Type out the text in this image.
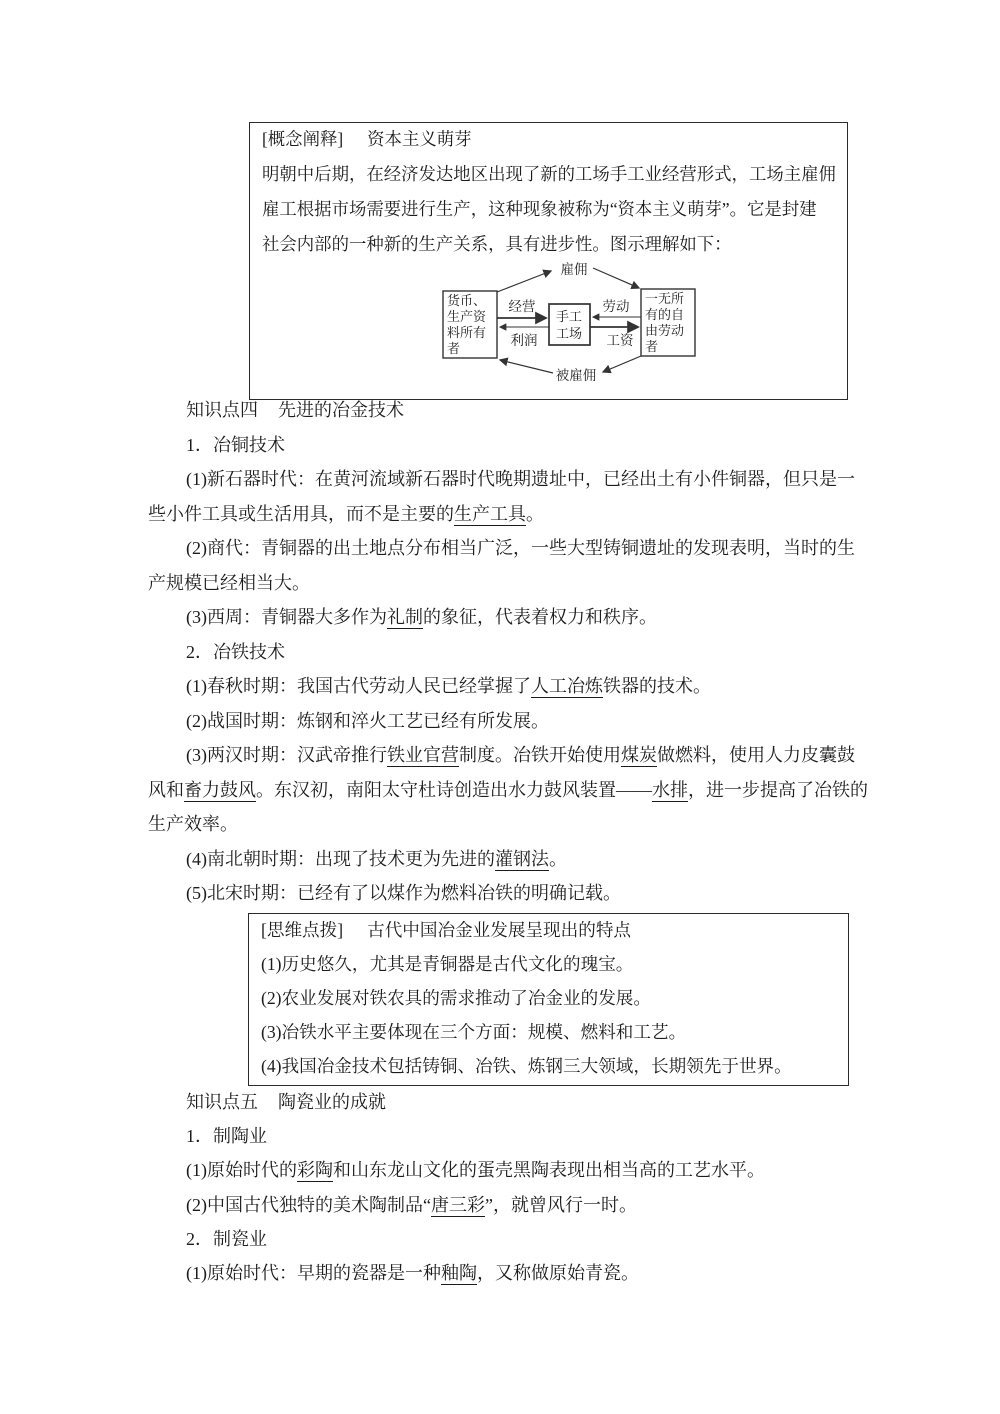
[概念阐释] 资本主义萌芽
明朝中后期，在经济发达地区出现了新的工场手工业经营形式，工场主雇佣
雇工根据市场需要进行生产，这种现象被称为“资本主义萌芽”。它是封建
社会内部的一种新的生产关系，具有进步性。图示理解如下：
货币、
生产资
料所有
者
手工
工场
一无所
有的自
由劳动
者
雇佣
经营
利润
劳动
工资
被雇佣
知识点四 先进的冶金技术
1．冶铜技术
(1)新石器时代：在黄河流域新石器时代晚期遗址中，已经出土有小件铜器，但只是一
些小件工具或生活用具，而不是主要的生产工具。
(2)商代：青铜器的出土地点分布相当广泛，一些大型铸铜遗址的发现表明，当时的生
产规模已经相当大。
(3)西周：青铜器大多作为礼制的象征，代表着权力和秩序。
2．冶铁技术
(1)春秋时期：我国古代劳动人民已经掌握了人工冶炼铁器的技术。
(2)战国时期：炼钢和淬火工艺已经有所发展。
(3)两汉时期：汉武帝推行铁业官营制度。冶铁开始使用煤炭做燃料，使用人力皮囊鼓
风和畜力鼓风。东汉初，南阳太守杜诗创造出水力鼓风装置——水排，进一步提高了冶铁的
生产效率。
(4)南北朝时期：出现了技术更为先进的灌钢法。
(5)北宋时期：已经有了以煤作为燃料冶铁的明确记载。
[思维点拨] 古代中国冶金业发展呈现出的特点
(1)历史悠久，尤其是青铜器是古代文化的瑰宝。
(2)农业发展对铁农具的需求推动了冶金业的发展。
(3)冶铁水平主要体现在三个方面：规模、燃料和工艺。
(4)我国冶金技术包括铸铜、冶铁、炼钢三大领域，长期领先于世界。
知识点五 陶瓷业的成就
1．制陶业
(1)原始时代的彩陶和山东龙山文化的蛋壳黑陶表现出相当高的工艺水平。
(2)中国古代独特的美术陶制品“唐三彩”，就曾风行一时。
2．制瓷业
(1)原始时代：早期的瓷器是一种釉陶，又称做原始青瓷。
